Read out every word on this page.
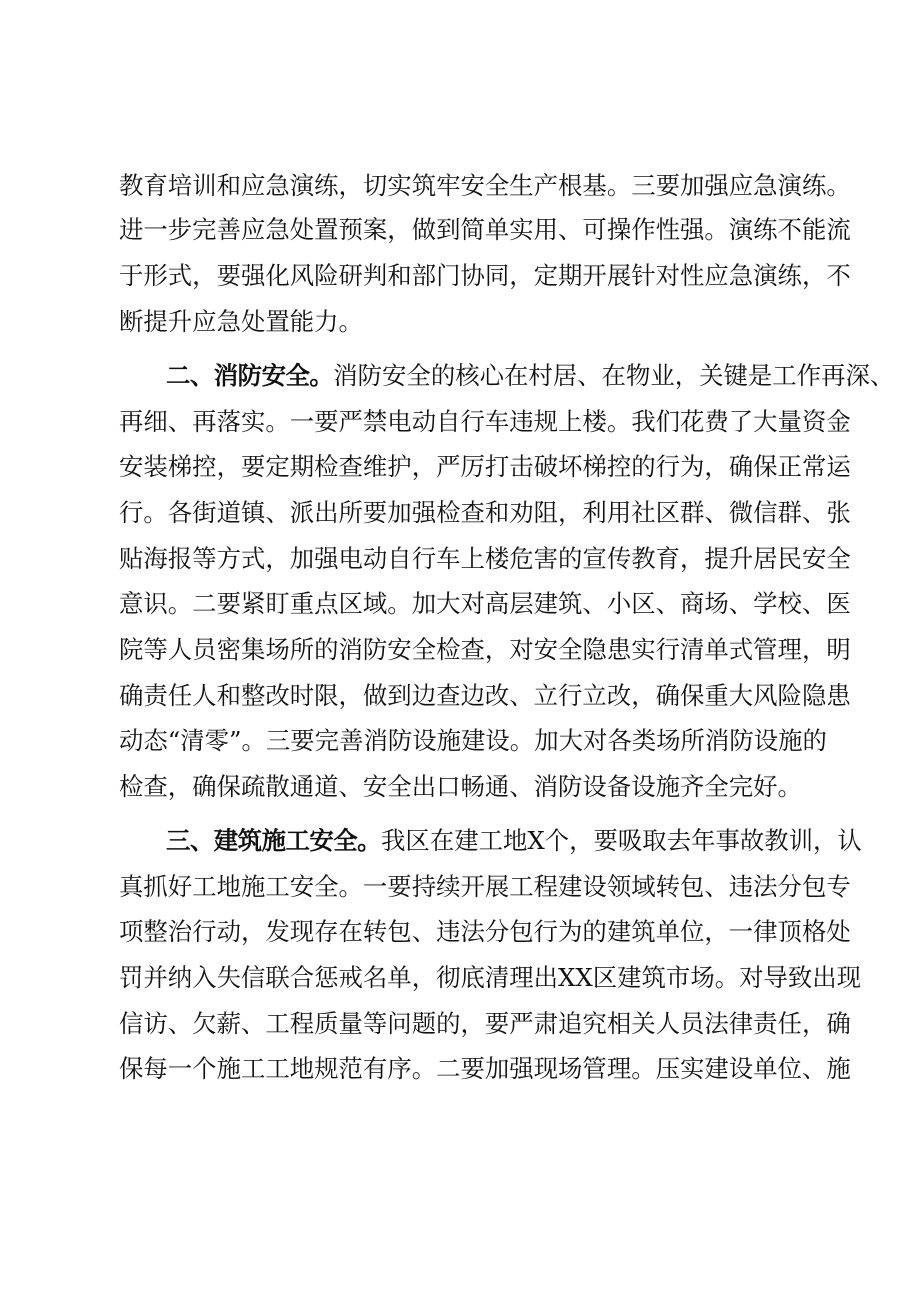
教育培训和应急演练，切实筑牢安全生产根基。三要加强应急演练。
进一步完善应急处置预案，做到简单实用、可操作性强。演练不能流
于形式，要强化风险研判和部门协同，定期开展针对性应急演练，不
断提升应急处置能力。
二、消防安全。消防安全的核心在村居、在物业，关键是工作再深、
再细、再落实。一要严禁电动自行车违规上楼。我们花费了大量资金
安装梯控，要定期检查维护，严厉打击破坏梯控的行为，确保正常运
行。各街道镇、派出所要加强检查和劝阻，利用社区群、微信群、张
贴海报等方式，加强电动自行车上楼危害的宣传教育，提升居民安全
意识。二要紧盯重点区域。加大对高层建筑、小区、商场、学校、医
院等人员密集场所的消防安全检查，对安全隐患实行清单式管理，明
确责任人和整改时限，做到边查边改、立行立改，确保重大风险隐患
动态“清零”。三要完善消防设施建设。加大对各类场所消防设施的
检查，确保疏散通道、安全出口畅通、消防设备设施齐全完好。
三、建筑施工安全。我区在建工地X个，要吸取去年事故教训，认
真抓好工地施工安全。一要持续开展工程建设领域转包、违法分包专
项整治行动，发现存在转包、违法分包行为的建筑单位，一律顶格处
罚并纳入失信联合惩戒名单，彻底清理出XX区建筑市场。对导致出现
信访、欠薪、工程质量等问题的，要严肃追究相关人员法律责任，确
保每一个施工工地规范有序。二要加强现场管理。压实建设单位、施
